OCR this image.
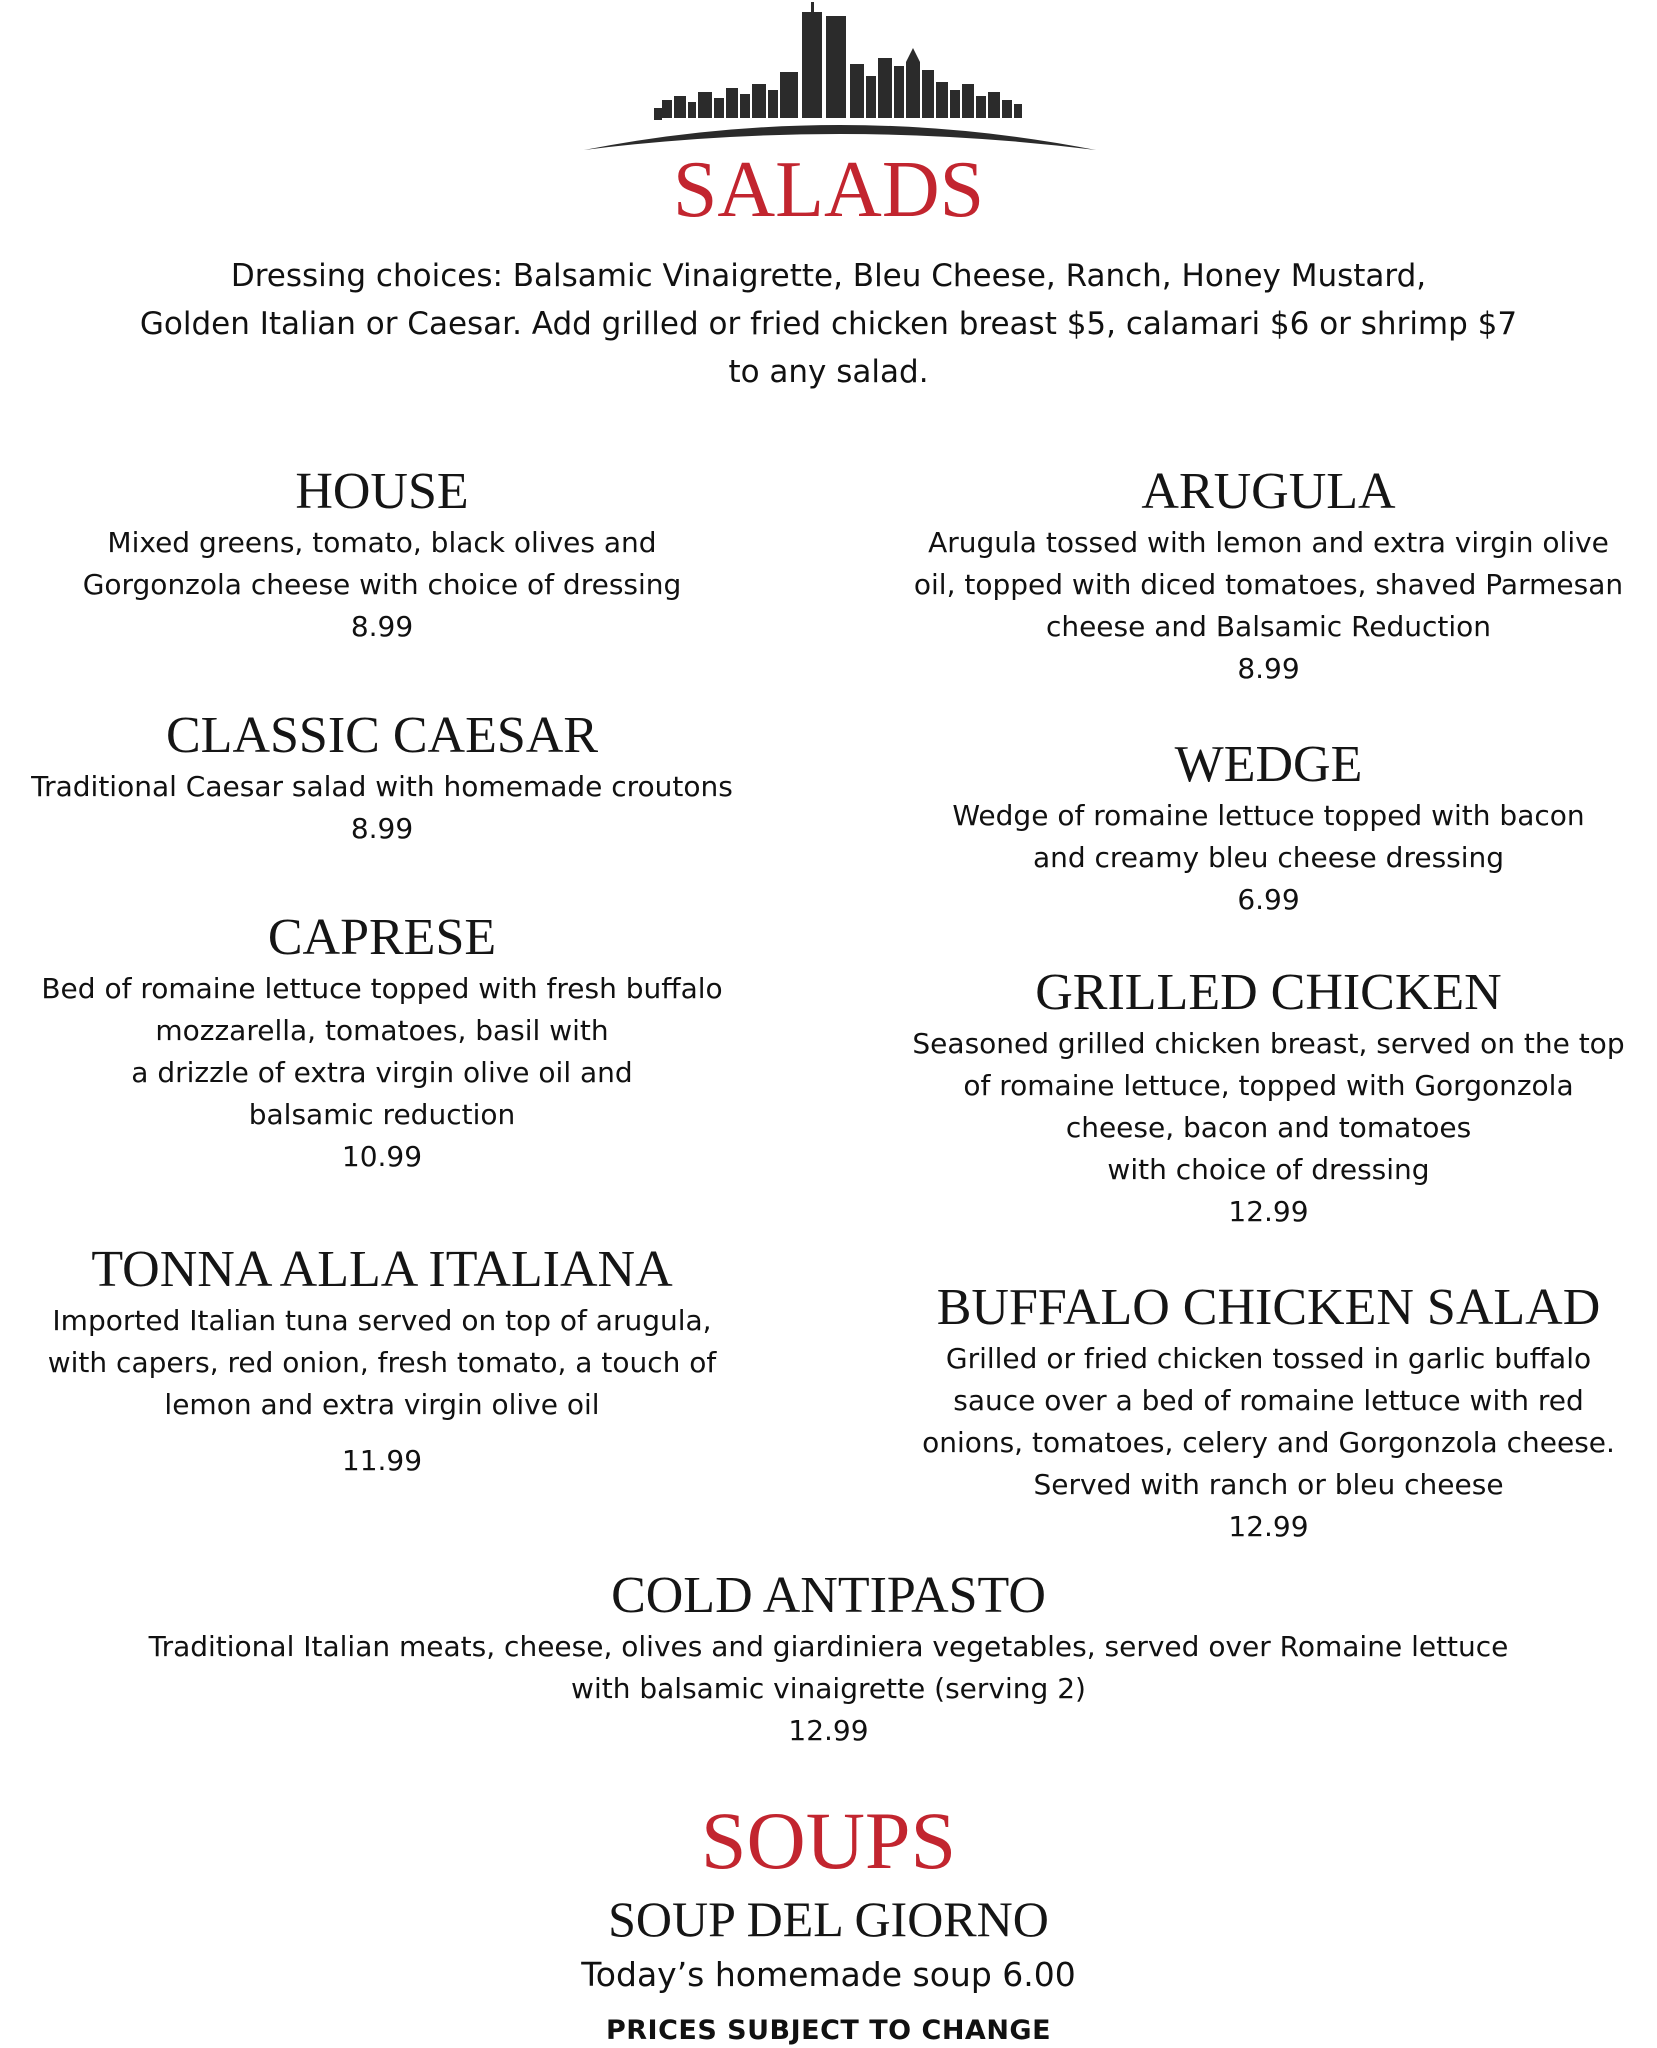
SALADS
Dressing choices: Balsamic Vinaigrette, Bleu Cheese, Ranch, Honey Mustard,
Golden Italian or Caesar. Add grilled or fried chicken breast $5, calamari $6 or shrimp $7
to any salad.
HOUSE
Mixed greens, tomato, black olives and
Gorgonzola cheese with choice of dressing
8.99
CLASSIC CAESAR
Traditional Caesar salad with homemade croutons
8.99
CAPRESE
Bed of romaine lettuce topped with fresh buffalo
mozzarella, tomatoes, basil with
a drizzle of extra virgin olive oil and
balsamic reduction
10.99
TONNA ALLA ITALIANA
Imported Italian tuna served on top of arugula,
with capers, red onion, fresh tomato, a touch of
lemon and extra virgin olive oil
11.99
ARUGULA
Arugula tossed with lemon and extra virgin olive
oil, topped with diced tomatoes, shaved Parmesan
cheese and Balsamic Reduction
8.99
WEDGE
Wedge of romaine lettuce topped with bacon
and creamy bleu cheese dressing
6.99
GRILLED CHICKEN
Seasoned grilled chicken breast, served on the top
of romaine lettuce, topped with Gorgonzola
cheese, bacon and tomatoes
with choice of dressing
12.99
BUFFALO CHICKEN SALAD
Grilled or fried chicken tossed in garlic buffalo
sauce over a bed of romaine lettuce with red
onions, tomatoes, celery and Gorgonzola cheese.
Served with ranch or bleu cheese
12.99
COLD ANTIPASTO
Traditional Italian meats, cheese, olives and giardiniera vegetables, served over Romaine lettuce
with balsamic vinaigrette (serving 2)
12.99
SOUPS
SOUP DEL GIORNO
Today’s homemade soup 6.00
PRICES SUBJECT TO CHANGE
